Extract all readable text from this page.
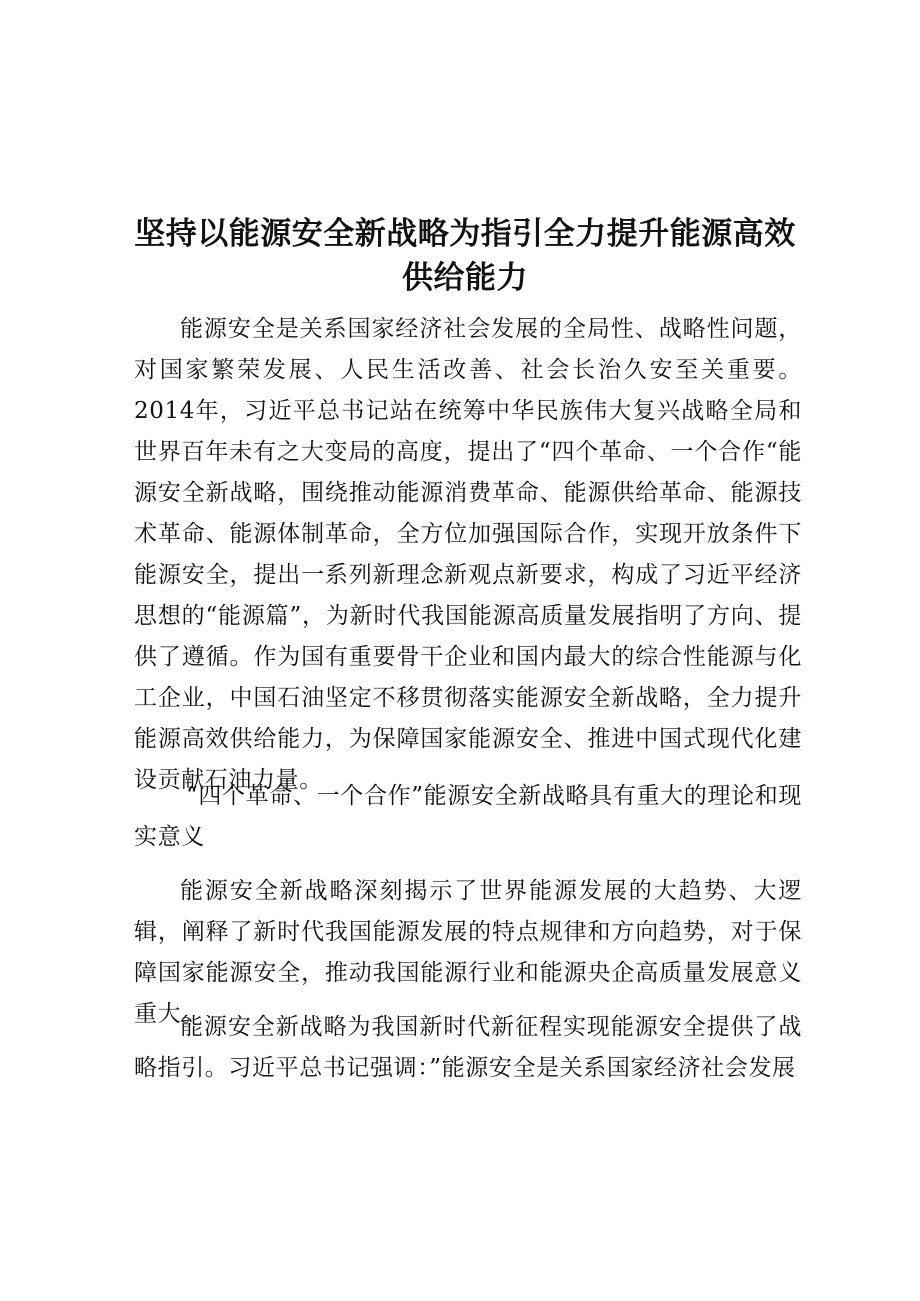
坚持以能源安全新战略为指引全力提升能源高效供给能力

能源安全是关系国家经济社会发展的全局性、战略性问题，对国家繁荣发展、人民生活改善、社会长治久安至关重要。2014年，习近平总书记站在统筹中华民族伟大复兴战略全局和世界百年未有之大变局的高度，提出了“四个革命、一个合作“能源安全新战略，围绕推动能源消费革命、能源供给革命、能源技术革命、能源体制革命，全方位加强国际合作，实现开放条件下能源安全，提出一系列新理念新观点新要求，构成了习近平经济思想的“能源篇”，为新时代我国能源高质量发展指明了方向、提供了遵循。作为国有重要骨干企业和国内最大的综合性能源与化工企业，中国石油坚定不移贯彻落实能源安全新战略，全力提升能源高效供给能力，为保障国家能源安全、推进中国式现代化建设贡献石油力量。

“四个革命、一个合作”能源安全新战略具有重大的理论和现实意义

能源安全新战略深刻揭示了世界能源发展的大趋势、大逻辑，阐释了新时代我国能源发展的特点规律和方向趋势，对于保障国家能源安全，推动我国能源行业和能源央企高质量发展意义重大。

能源安全新战略为我国新时代新征程实现能源安全提供了战略指引。习近平总书记强调：”能源安全是关系国家经济社会发展
